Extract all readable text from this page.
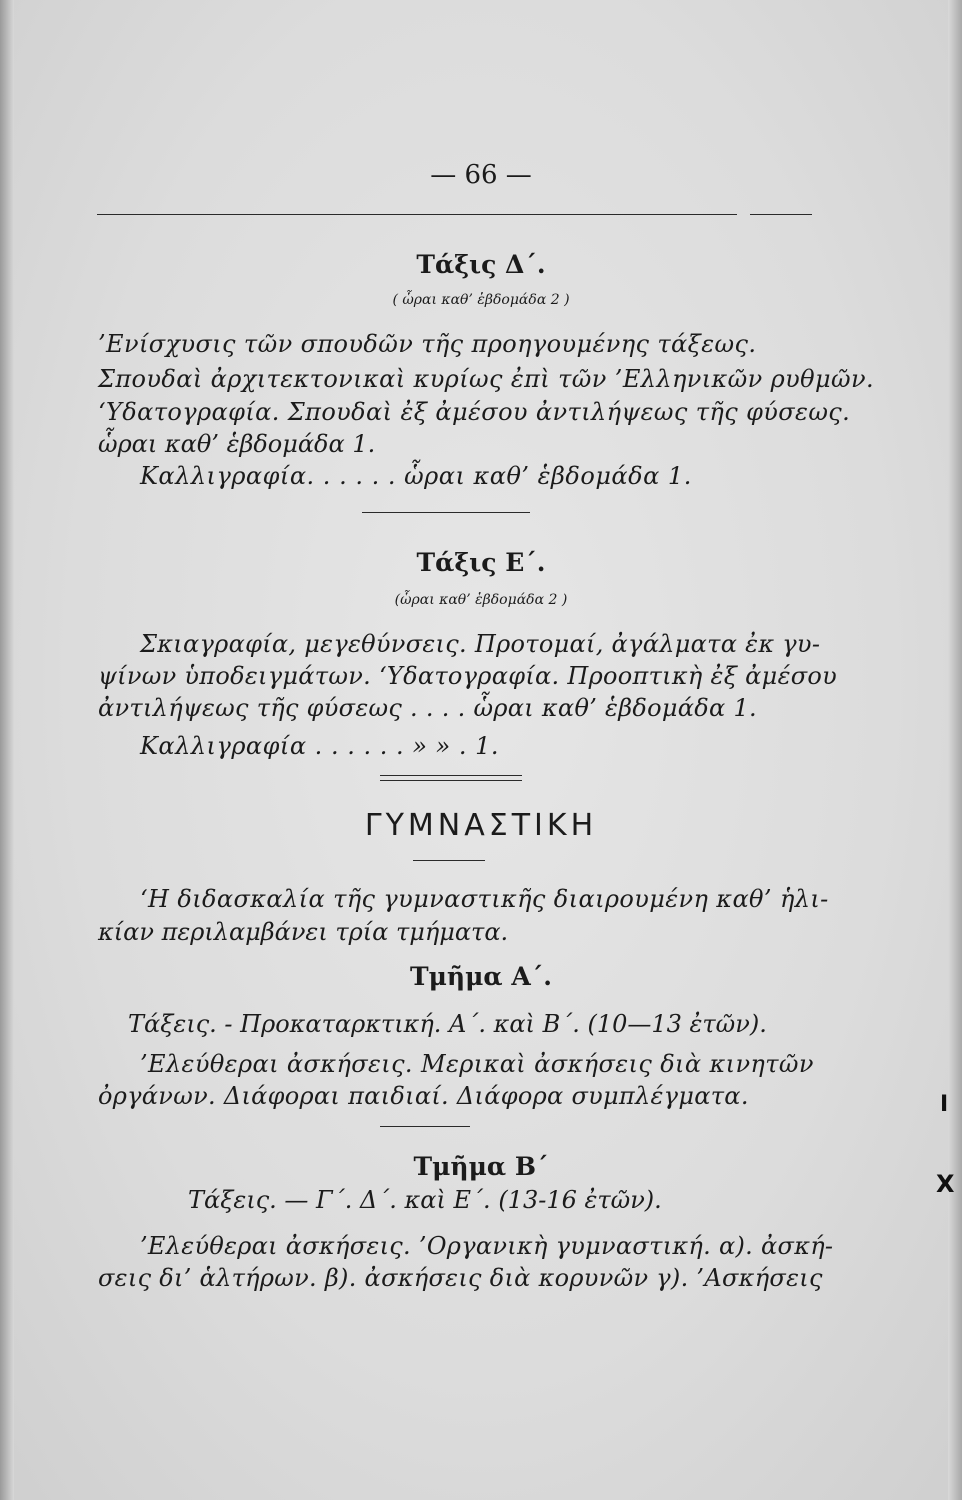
— 66 —
Τάξις Δ΄.
( ὧραι καθ’ ἑβδομάδα 2 )
’Ενίσχυσις τῶν σπουδῶν τῆς προηγουμένης τάξεως.
Σπουδαὶ ἀρχιτεκτονικαὶ κυρίως ἐπὶ τῶν ’Ελληνικῶν ρυθμῶν.
‘Υδατογραφία. Σπουδαὶ ἐξ ἀμέσου ἀντιλήψεως τῆς φύσεως.
ὧραι καθ’ ἑβδομάδα 1.
Καλλιγραφία. . . . . . ὧραι καθ’ ἑβδομάδα 1.
Τάξις Ε΄.
(ὧραι καθ’ ἑβδομάδα 2 )
Σκιαγραφία, μεγεθύνσεις. Προτομαί, ἀγάλματα ἐκ γυ-
ψίνων ὑποδειγμάτων. ‘Υδατογραφία. Προοπτικὴ ἐξ ἀμέσου
ἀντιλήψεως τῆς φύσεως . . . . ὧραι καθ’ ἑβδομάδα 1.
Καλλιγραφία . . . . . . » » . 1.
ΓΥΜΝΑΣΤΙΚΗ
‘Η διδασκαλία τῆς γυμναστικῆς διαιρουμένη καθ’ ἡλι-
κίαν περιλαμβάνει τρία τμήματα.
Τμῆμα Α΄.
Τάξεις. - Προκαταρκτική. Α΄. καὶ Β΄. (10—13 ἐτῶν).
’Ελεύθεραι ἀσκήσεις. Μερικαὶ ἀσκήσεις διὰ κινητῶν
ὀργάνων. Διάφοραι παιδιαί. Διάφορα συμπλέγματα.
Τμῆμα Β΄
Τάξεις. — Γ΄. Δ΄. καὶ Ε΄. (13-16 ἐτῶν).
’Ελεύθεραι ἀσκήσεις. ’Οργανικὴ γυμναστική. α). ἀσκή-
σεις δι’ ἁλτήρων. β). ἀσκήσεις διὰ κορυνῶν γ). ’Ασκήσεις
I
X
